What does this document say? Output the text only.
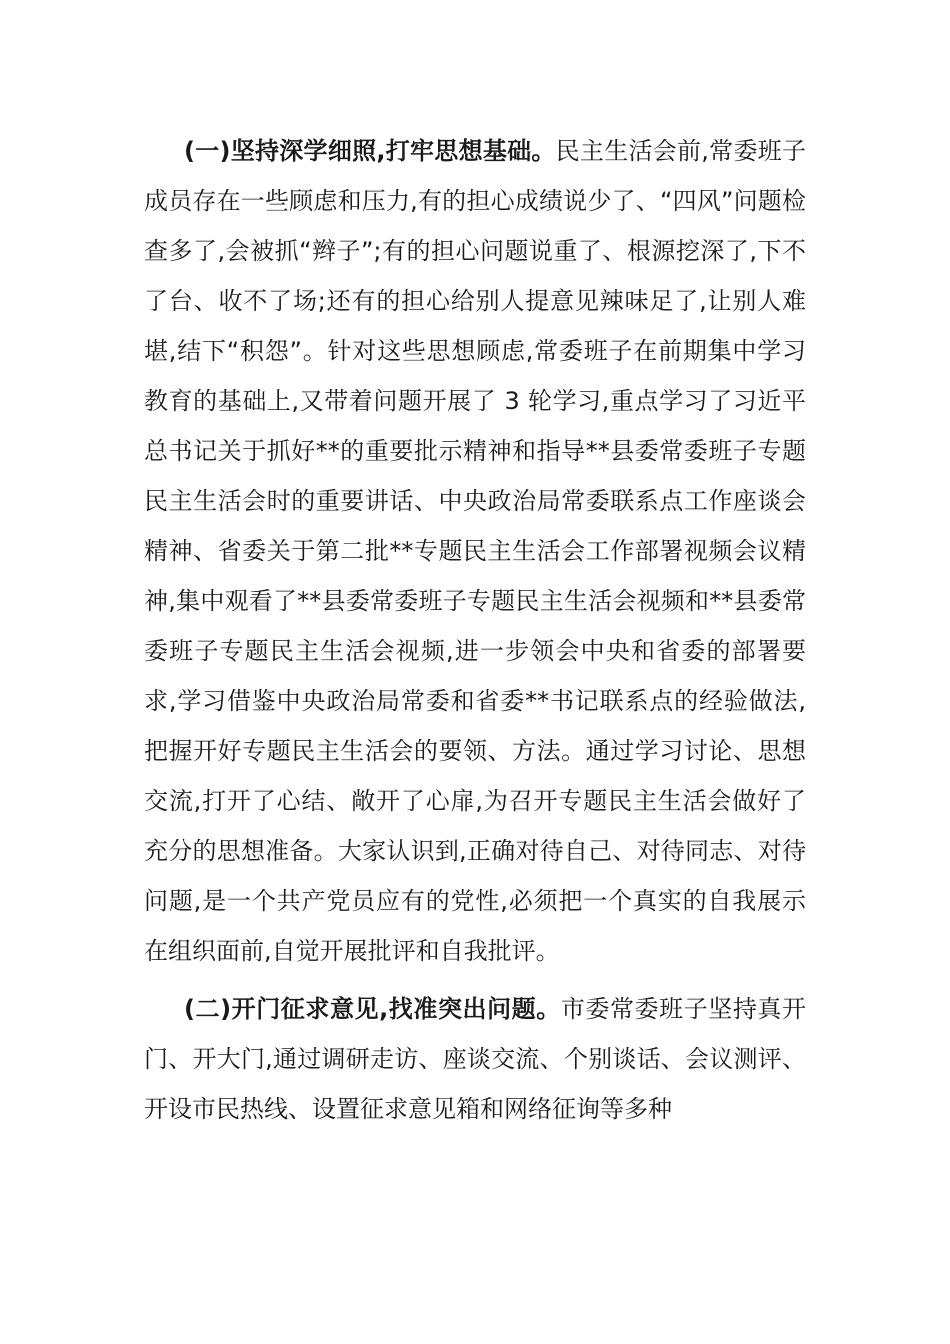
(一)坚持深学细照,打牢思想基础。民主生活会前,常委班子成员存在一些顾虑和压力,有的担心成绩说少了、“四风”问题检查多了,会被抓“辫子”;有的担心问题说重了、根源挖深了,下不了台、收不了场;还有的担心给别人提意见辣味足了,让别人难堪,结下“积怨”。针对这些思想顾虑,常委班子在前期集中学习教育的基础上,又带着问题开展了 3 轮学习,重点学习了习近平总书记关于抓好**的重要批示精神和指导**县委常委班子专题民主生活会时的重要讲话、中央政治局常委联系点工作座谈会精神、省委关于第二批**专题民主生活会工作部署视频会议精神,集中观看了**县委常委班子专题民主生活会视频和**县委常委班子专题民主生活会视频,进一步领会中央和省委的部署要求,学习借鉴中央政治局常委和省委**书记联系点的经验做法,把握开好专题民主生活会的要领、方法。通过学习讨论、思想交流,打开了心结、敞开了心扉,为召开专题民主生活会做好了充分的思想准备。大家认识到,正确对待自己、对待同志、对待问题,是一个共产党员应有的党性,必须把一个真实的自我展示在组织面前,自觉开展批评和自我批评。

(二)开门征求意见,找准突出问题。市委常委班子坚持真开门、开大门,通过调研走访、座谈交流、个别谈话、会议测评、开设市民热线、设置征求意见箱和网络征询等多种
